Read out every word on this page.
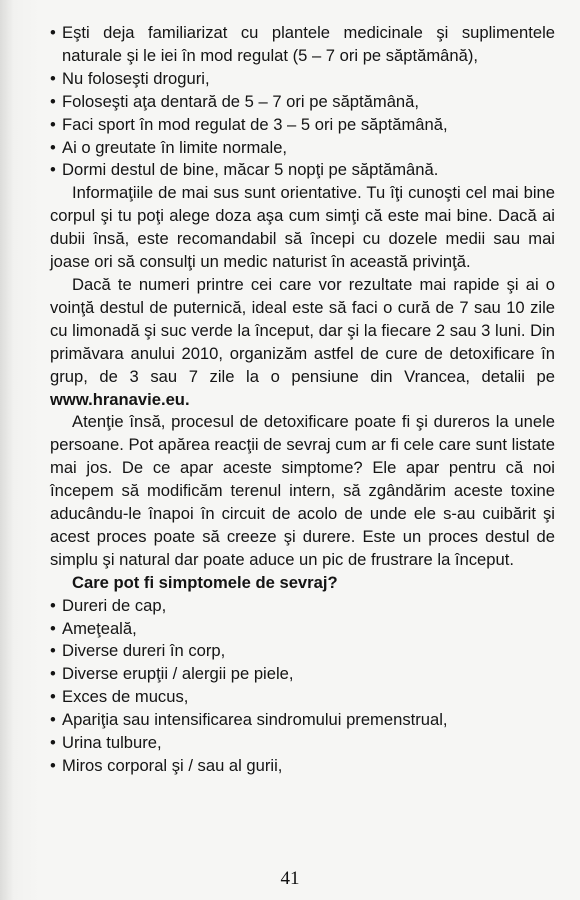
• Eşti deja familiarizat cu plantele medicinale şi suplimentele naturale şi le iei în mod regulat (5 – 7 ori pe săptămână),

• Nu foloseşti droguri,

• Foloseşti aţa dentară de 5 – 7 ori pe săptămână,

• Faci sport în mod regulat de 3 – 5 ori pe săptămână,

• Ai o greutate în limite normale,

• Dormi destul de bine, măcar 5 nopţi pe săptămână.

Informaţiile de mai sus sunt orientative. Tu îţi cunoşti cel mai bine corpul şi tu poţi alege doza aşa cum simţi că este mai bine. Dacă ai dubii însă, este recomandabil să începi cu dozele medii sau mai joase ori să consulţi un medic naturist în această privinţă.

Dacă te numeri printre cei care vor rezultate mai rapide şi ai o voinţă destul de puternică, ideal este să faci o cură de 7 sau 10 zile cu limonadă şi suc verde la început, dar şi la fiecare 2 sau 3 luni. Din primăvara anului 2010, organizăm astfel de cure de detoxificare în grup, de 3 sau 7 zile la o pensiune din Vrancea, detalii pe www.hranavie.eu.

Atenţie însă, procesul de detoxificare poate fi şi dureros la unele persoane. Pot apărea reacţii de sevraj cum ar fi cele care sunt listate mai jos. De ce apar aceste simptome? Ele apar pentru că noi începem să modificăm terenul intern, să zgândărim aceste toxine aducându-le înapoi în circuit de acolo de unde ele s-au cuibărit şi acest proces poate să creeze şi durere. Este un proces destul de simplu şi natural dar poate aduce un pic de frustrare la început.

Care pot fi simptomele de sevraj?

• Dureri de cap,

• Ameţeală,

• Diverse dureri în corp,

• Diverse erupţii / alergii pe piele,

• Exces de mucus,

• Apariţia sau intensificarea sindromului premenstrual,

• Urina tulbure,

• Miros corporal şi / sau al gurii,

41
